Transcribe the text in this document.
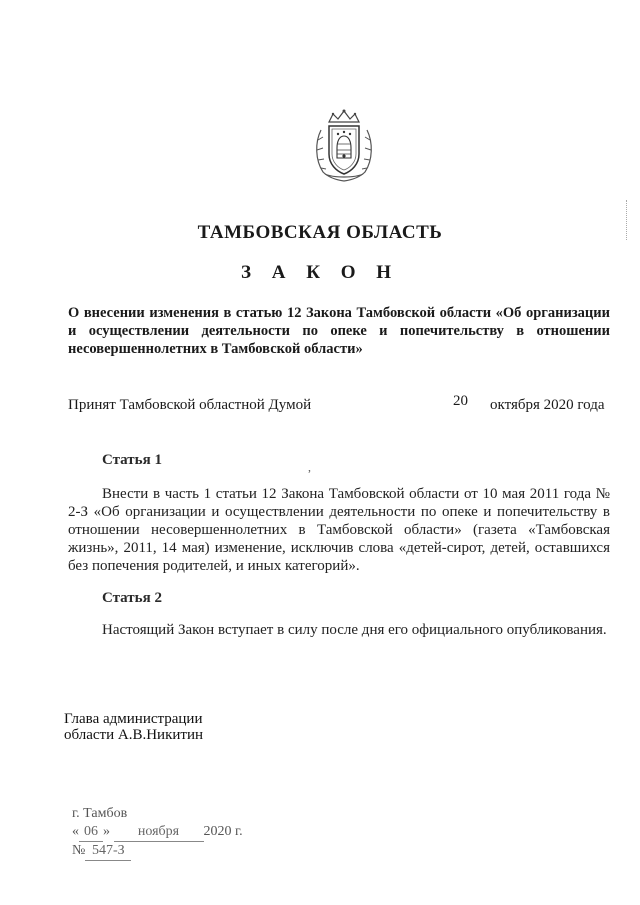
ТАМБОВСКАЯ ОБЛАСТЬ
З А К О Н
О внесении изменения в статью 12 Закона Тамбовской области «Об организации и осуществлении деятельности по опеке и попечительству в отношении несовершеннолетних в Тамбовской области»
Принят Тамбовской областной Думой	20 октября 2020 года
Статья 1	,
Внести в часть 1 статьи 12 Закона Тамбовской области от 10 мая 2011 года № 2-З «Об организации и осуществлении деятельности по опеке и попечительству в отношении несовершеннолетних в Тамбовской области» (газета «Тамбовская жизнь», 2011, 14 мая) изменение, исключив слова «детей-сирот, детей, оставшихся без попечения родителей, и иных категорий».
Статья 2
Настоящий Закон вступает в силу после дня его официального опубликования.
Глава администрации
области А.В.Никитин
г. Тамбов
« 06 » ноября 2020 г.
№ 547-З
